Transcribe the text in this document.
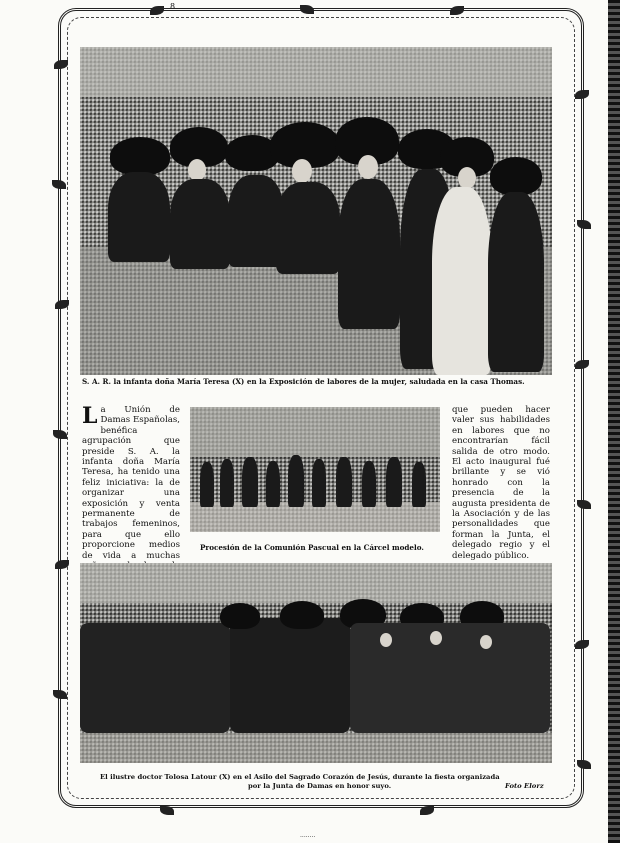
8
S. A. R. la infanta doña María Teresa (X) en la Exposición de labores de la mujer, saludada en la casa Thomas.
La Unión de Damas Españolas, benéfica agrupación que preside S. A. la infanta doña María Teresa, ha tenido una feliz iniciativa: la de organizar una exposición y venta permanente de trabajos femeninos, para que ello proporcione medios de vida a muchas
Procesión de la Comunión Pascual en la Cárcel modelo.
que pueden hacer valer sus habilidades en labores que no encontrarían fácil salida de otro modo. El acto inaugural fué brillante y se vió honrado con la presencia de la augusta presidenta de la Asociación y de las personalidades que forman la Junta, el delegado regio y el delegado público.
El ilustre doctor Tolosa Latour (X) en el Asilo del Sagrado Corazón de Jesús, durante la fiesta organizada
por la Junta de Damas en honor suyo.	Foto Elorz
........
